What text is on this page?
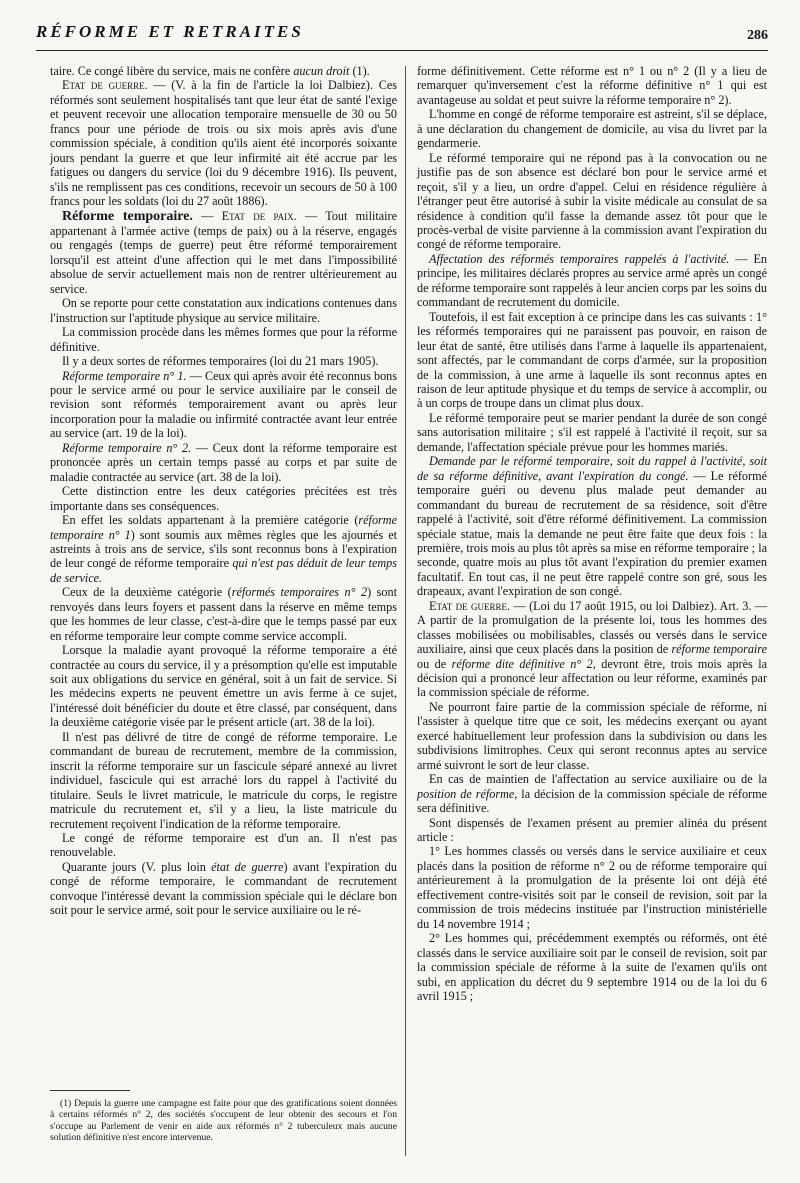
RÉFORME ET RETRAITES	286

taire. Ce congé libère du service, mais ne confère aucun droit (1).

Etat de guerre. — (V. à la fin de l'article la loi Dalbiez). Ces réformés sont seulement hospitalisés tant que leur état de santé l'exige et peuvent recevoir une allocation temporaire mensuelle de 30 ou 50 francs pour une période de trois ou six mois après avis d'une commission spéciale, à condition qu'ils aient été incorporés soixante jours pendant la guerre et que leur infirmité ait été accrue par les fatigues ou dangers du service (loi du 9 décembre 1916). Ils peuvent, s'ils ne remplissent pas ces conditions, recevoir un secours de 50 à 100 francs pour les soldats (loi du 27 août 1886).

Réforme temporaire. — Etat de paix. — Tout militaire appartenant à l'armée active (temps de paix) ou à la réserve, engagés ou rengagés (temps de guerre) peut être réformé temporairement lorsqu'il est atteint d'une affection qui le met dans l'impossibilité absolue de servir actuellement mais non de rentrer ultérieurement au service.

On se reporte pour cette constatation aux indications contenues dans l'instruction sur l'aptitude physique au service militaire.

La commission procède dans les mêmes formes que pour la réforme définitive.

Il y a deux sortes de réformes temporaires (loi du 21 mars 1905).

Réforme temporaire n° 1. — Ceux qui après avoir été reconnus bons pour le service armé ou pour le service auxiliaire par le conseil de revision sont réformés temporairement avant ou après leur incorporation pour la maladie ou infirmité contractée avant leur entrée au service (art. 19 de la loi).

Réforme temporaire n° 2. — Ceux dont la réforme temporaire est prononcée après un certain temps passé au corps et par suite de maladie contractée au service (art. 38 de la loi).

Cette distinction entre les deux catégories précitées est très importante dans ses conséquences.

En effet les soldats appartenant à la première catégorie (réforme temporaire n° 1) sont soumis aux mêmes règles que les ajournés et astreints à trois ans de service, s'ils sont reconnus bons à l'expiration de leur congé de réforme temporaire qui n'est pas déduit de leur temps de service.

Ceux de la deuxième catégorie (réformés temporaires n° 2) sont renvoyés dans leurs foyers et passent dans la réserve en même temps que les hommes de leur classe, c'est-à-dire que le temps passé par eux en réforme temporaire leur compte comme service accompli.

Lorsque la maladie ayant provoqué la réforme temporaire a été contractée au cours du service, il y a présomption qu'elle est imputable soit aux obligations du service en général, soit à un fait de service. Si les médecins experts ne peuvent émettre un avis ferme à ce sujet, l'intéressé doit bénéficier du doute et être classé, par conséquent, dans la deuxième catégorie visée par le présent article (art. 38 de la loi).

Il n'est pas délivré de titre de congé de réforme temporaire. Le commandant de bureau de recrutement, membre de la commission, inscrit la réforme temporaire sur un fascicule séparé annexé au livret individuel, fascicule qui est arraché lors du rappel à l'activité du titulaire. Seuls le livret matricule, le matricule du corps, le registre matricule du recrutement et, s'il y a lieu, la liste matricule du recrutement reçoivent l'indication de la réforme temporaire.

Le congé de réforme temporaire est d'un an. Il n'est pas renouvelable.

Quarante jours (V. plus loin état de guerre) avant l'expiration du congé de réforme temporaire, le commandant de recrutement convoque l'intéressé devant la commission spéciale qui le déclare bon soit pour le service armé, soit pour le service auxiliaire ou le ré-

(1) Depuis la guerre une campagne est faite pour que des gratifications soient données à certains réformés n° 2, des sociétés s'occupent de leur obtenir des secours et l'on s'occupe au Parlement de venir en aide aux réformés n° 2 tuberculeux mais aucune solution définitive n'est encore intervenue.

forme définitivement. Cette réforme est n° 1 ou n° 2 (Il y a lieu de remarquer qu'inversement c'est la réforme définitive n° 1 qui est avantageuse au soldat et peut suivre la réforme temporaire n° 2).

L'homme en congé de réforme temporaire est astreint, s'il se déplace, à une déclaration du changement de domicile, au visa du livret par la gendarmerie.

Le réformé temporaire qui ne répond pas à la convocation ou ne justifie pas de son absence est déclaré bon pour le service armé et reçoit, s'il y a lieu, un ordre d'appel. Celui en résidence régulière à l'étranger peut être autorisé à subir la visite médicale au consulat de sa résidence à condition qu'il fasse la demande assez tôt pour que le procès-verbal de visite parvienne à la commission avant l'expiration du congé de réforme temporaire.

Affectation des réformés temporaires rappelés à l'activité. — En principe, les militaires déclarés propres au service armé après un congé de réforme temporaire sont rappelés à leur ancien corps par les soins du commandant de recrutement du domicile.

Toutefois, il est fait exception à ce principe dans les cas suivants : 1° les réformés temporaires qui ne paraissent pas pouvoir, en raison de leur état de santé, être utilisés dans l'arme à laquelle ils appartenaient, sont affectés, par le commandant de corps d'armée, sur la proposition de la commission, à une arme à laquelle ils sont reconnus aptes en raison de leur aptitude physique et du temps de service à accomplir, ou à un corps de troupe dans un climat plus doux.

Le réformé temporaire peut se marier pendant la durée de son congé sans autorisation militaire ; s'il est rappelé à l'activité il reçoit, sur sa demande, l'affectation spéciale prévue pour les hommes mariés.

Demande par le réformé temporaire, soit du rappel à l'activité, soit de sa réforme définitive, avant l'expiration du congé. — Le réformé temporaire guéri ou devenu plus malade peut demander au commandant du bureau de recrutement de sa résidence, soit d'être rappelé à l'activité, soit d'être réformé définitivement. La commission spéciale statue, mais la demande ne peut être faite que deux fois : la première, trois mois au plus tôt après sa mise en réforme temporaire ; la seconde, quatre mois au plus tôt avant l'expiration du premier examen facultatif. En tout cas, il ne peut être rappelé contre son gré, sous les drapeaux, avant l'expiration de son congé.

Etat de guerre. — (Loi du 17 août 1915, ou loi Dalbiez). Art. 3. — A partir de la promulgation de la présente loi, tous les hommes des classes mobilisées ou mobilisables, classés ou versés dans le service auxiliaire, ainsi que ceux placés dans la position de réforme temporaire ou de réforme dite définitive n° 2, devront être, trois mois après la décision qui a prononcé leur affectation ou leur réforme, examinés par la commission spéciale de réforme.

Ne pourront faire partie de la commission spéciale de réforme, ni l'assister à quelque titre que ce soit, les médecins exerçant ou ayant exercé habituellement leur profession dans la subdivision ou dans les subdivisions limitrophes. Ceux qui seront reconnus aptes au service armé suivront le sort de leur classe.

En cas de maintien de l'affectation au service auxiliaire ou de la position de réforme, la décision de la commission spéciale de réforme sera définitive.

Sont dispensés de l'examen présent au premier alinéa du présent article :

1° Les hommes classés ou versés dans le service auxiliaire et ceux placés dans la position de réforme n° 2 ou de réforme temporaire qui antérieurement à la promulgation de la présente loi ont déjà été effectivement contre-visités soit par le conseil de revision, soit par la commission de trois médecins instituée par l'instruction ministérielle du 14 novembre 1914 ;

2° Les hommes qui, précédemment exemptés ou réformés, ont été classés dans le service auxiliaire soit par le conseil de revision, soit par la commission spéciale de réforme à la suite de l'examen qu'ils ont subi, en application du décret du 9 septembre 1914 ou de la loi du 6 avril 1915 ;
